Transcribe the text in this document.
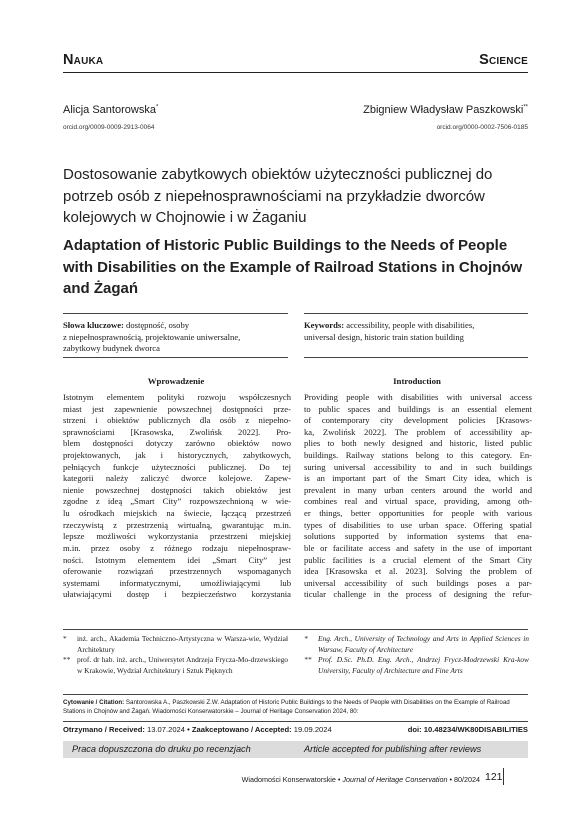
Nauka	Science
Alicja Santorowska*
orcid.org/0009-0009-2913-0064
Zbigniew Władysław Paszkowski**
orcid.org/0000-0002-7506-0185
Dostosowanie zabytkowych obiektów użyteczności publicznej do potrzeb osób z niepełnosprawnościami na przykładzie dworców kolejowych w Chojnowie i w Żaganiu
Adaptation of Historic Public Buildings to the Needs of People with Disabilities on the Example of Railroad Stations in Chojnów and Żagań
Słowa kluczowe: dostępność, osoby
z niepełnosprawnością, projektowanie uniwersalne,
zabytkowy budynek dworca
Keywords: accessibility, people with disabilities,
universal design, historic train station building
Wprowadzenie	Introduction
Istotnym elementem polityki rozwoju współczesnych
miast jest zapewnienie powszechnej dostępności prze-
strzeni i obiektów publicznych dla osób z niepełno-
sprawnościami [Krasowska, Zwolińsk 2022]. Pro-
blem dostępności dotyczy zarówno obiektów nowo
projektowanych, jak i historycznych, zabytkowych,
pełniących funkcje użyteczności publicznej. Do tej
kategorii należy zaliczyć dworce kolejowe. Zapew-
nienie powszechnej dostępności takich obiektów jest
zgodne z ideą „Smart City” rozpowszechnioną w wie-
lu ośrodkach miejskich na świecie, łączącą przestrzeń
rzeczywistą z przestrzenią wirtualną, gwarantując m.in.
lepsze możliwości wykorzystania przestrzeni miejskiej
m.in. przez osoby z różnego rodzaju niepełnospraw-
ności. Istotnym elementem idei „Smart City” jest
oferowanie rozwiązań przestrzennych wspomaganych
systemami informatycznymi, umożliwiającymi lub
ułatwiającymi dostęp i bezpieczeństwo korzystania
Providing people with disabilities with universal access
to public spaces and buildings is an essential element
of contemporary city development policies [Krasows-
ka, Zwolińsk 2022]. The problem of accessibility ap-
plies to both newly designed and historic, listed public
buildings. Railway stations belong to this category. En-
suring universal accessibility to and in such buildings
is an important part of the Smart City idea, which is
prevalent in many urban centers around the world and
combines real and virtual space, providing, among oth-
er things, better opportunities for people with various
types of disabilities to use urban space. Offering spatial
solutions supported by information systems that ena-
ble or facilitate access and safety in the use of important
public facilities is a crucial element of the Smart City
idea [Krasowska et al. 2023]. Solving the problem of
universal accessibility of such buildings poses a par-
ticular challenge in the process of designing the refur-
* inż. arch., Akademia Techniczno-Artystyczna w Warsza-wie, Wydział Architektury
** prof. dr hab. inż. arch., Uniwersytet Andrzeja Frycza-Mo-drzewskiego w Krakowie, Wydział Architektury i Sztuk Pięknych
* Eng. Arch., University of Technology and Arts in Applied Sciences in Warsaw, Faculty of Architecture
** Prof. D.Sc. Ph.D. Eng. Arch., Andrzej Frycz-Modrzewski Kra-kow University, Faculty of Architecture and Fine Arts
Cytowanie / Citation: Santorowska A., Paszkowski Z.W. Adaptation of Historic Public Buildings to the Needs of People with Disabilities on the Example of Railroad Stations in Chojnów and Żagań. Wiadomości Konserwatorskie – Journal of Heritage Conservation 2024, 80:
Otrzymano / Received: 13.07.2024 • Zaakceptowano / Accepted: 19.09.2024	doi: 10.48234/WK80DISABILITIES
Praca dopuszczona do druku po recenzjach	Article accepted for publishing after reviews
Wiadomości Konserwatorskie • Journal of Heritage Conservation • 80/2024 121
